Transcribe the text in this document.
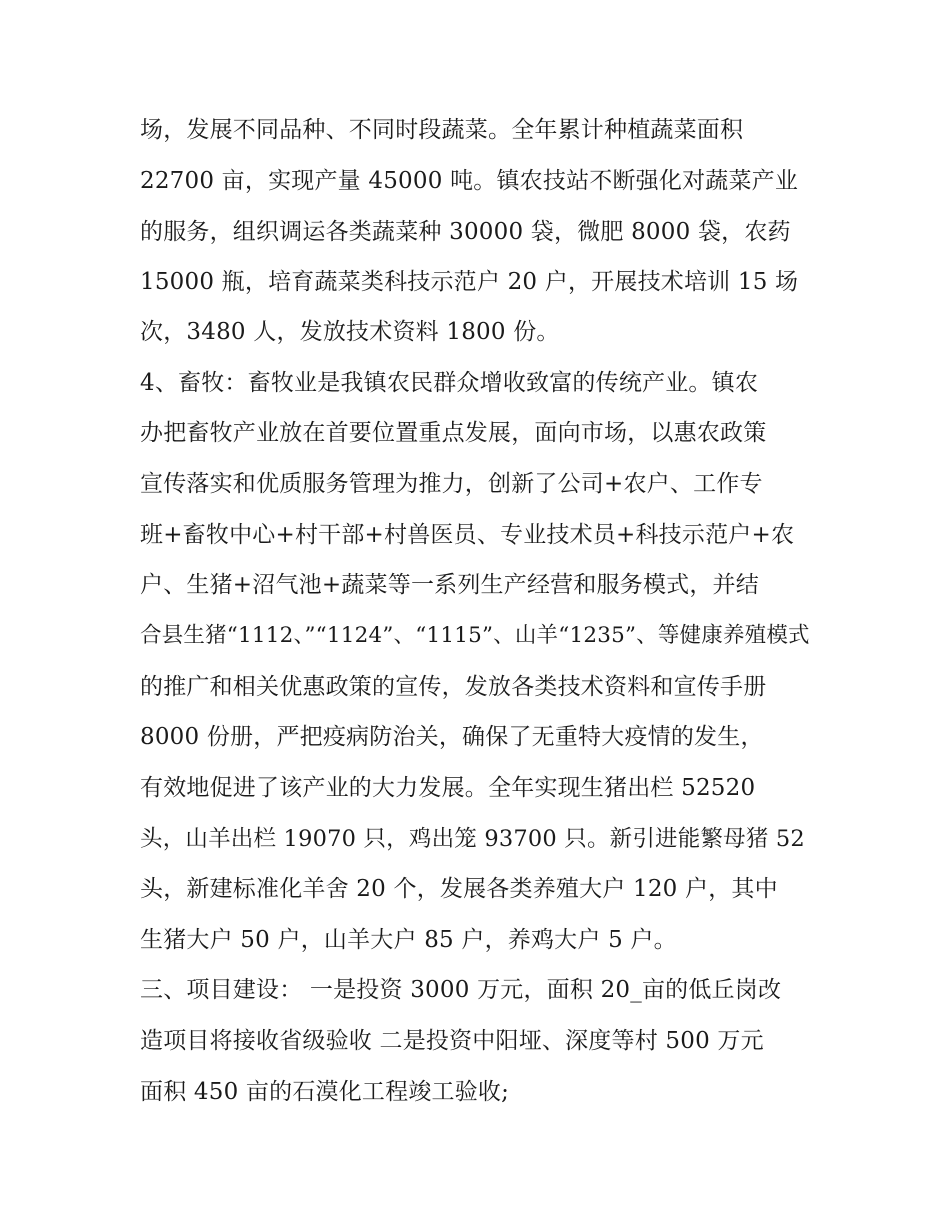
场，发展不同品种、不同时段蔬菜。全年累计种植蔬菜面积

22700 亩，实现产量 45000 吨。镇农技站不断强化对蔬菜产业

的服务，组织调运各类蔬菜种 30000 袋，微肥 8000 袋，农药

15000 瓶，培育蔬菜类科技示范户 20 户，开展技术培训 15 场

次，3480 人，发放技术资料 1800 份。

4、畜牧：畜牧业是我镇农民群众增收致富的传统产业。镇农

办把畜牧产业放在首要位置重点发展，面向市场，以惠农政策

宣传落实和优质服务管理为推力，创新了公司+农户、工作专

班+畜牧中心+村干部+村兽医员、专业技术员+科技示范户+农

户、生猪+沼气池+蔬菜等一系列生产经营和服务模式，并结

合县生猪“1112、”“1124”、“1115”、山羊“1235”、等健康养殖模式

的推广和相关优惠政策的宣传，发放各类技术资料和宣传手册

8000 份册，严把疫病防治关，确保了无重特大疫情的发生，

有效地促进了该产业的大力发展。全年实现生猪出栏 52520

头，山羊出栏 19070 只，鸡出笼 93700 只。新引进能繁母猪 52

头，新建标准化羊舍 20 个，发展各类养殖大户 120 户，其中

生猪大户 50 户，山羊大户 85 户，养鸡大户 5 户。

三、项目建设： 一是投资 3000 万元，面积 20_亩的低丘岗改

造项目将接收省级验收 二是投资中阳垭、深度等村 500 万元

面积 450 亩的石漠化工程竣工验收;
